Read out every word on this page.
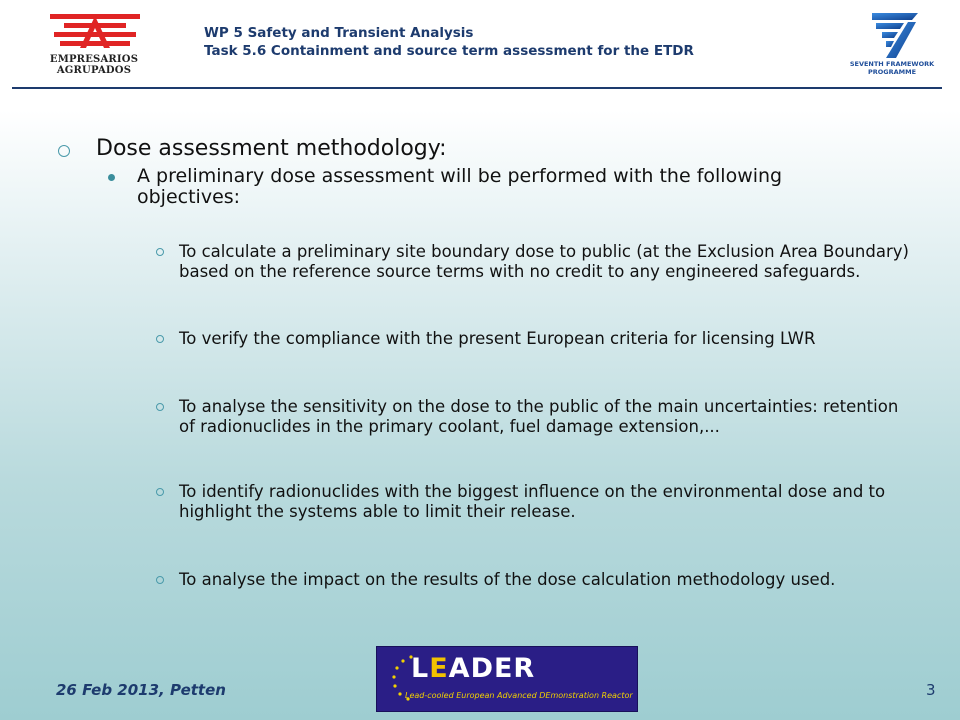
EMPRESARIOS AGRUPADOS
WP 5 Safety and Transient Analysis
Task 5.6 Containment and source term assessment for the ETDR
7
SEVENTH FRAMEWORK
PROGRAMME
Dose assessment methodology:
A preliminary dose assessment will be performed with the following objectives:
To calculate a preliminary site boundary dose to public (at the Exclusion Area Boundary) based on the reference source terms with no credit to any engineered safeguards.
To verify the compliance with the present European criteria for licensing LWR
To analyse the sensitivity on the dose to the public of the main uncertainties: retention of radionuclides in the primary coolant, fuel damage extension,...
To identify radionuclides with the biggest influence on the environmental dose and to highlight the systems able to limit their release.
To analyse the impact on the results of the dose calculation methodology used.
26 Feb 2013, Petten
LEADER
Lead-cooled European Advanced DEmonstration Reactor	3
